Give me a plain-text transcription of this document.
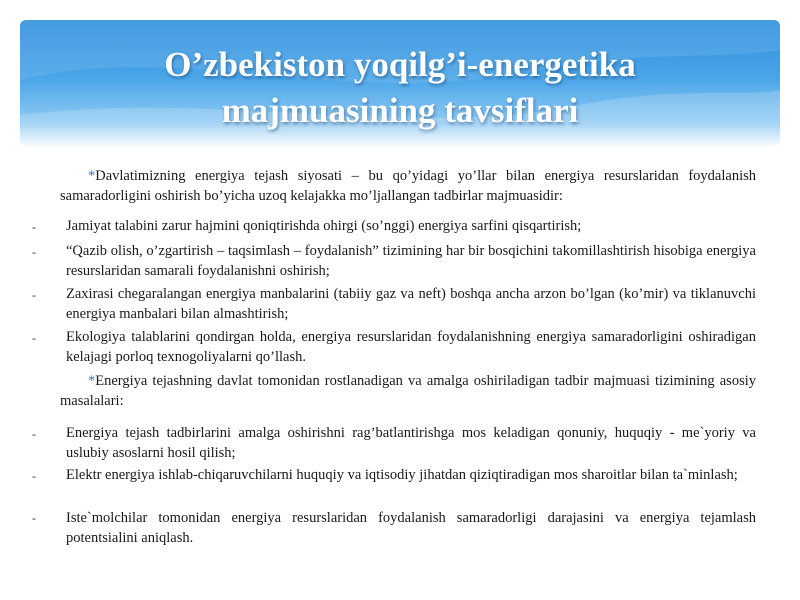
O’zbekiston yoqilg’i-energetika
majmuasining tavsiflari
*Davlatimizning energiya tejash siyosati – bu qo’yidagi yo’llar bilan energiya resurslaridan foydalanish samaradorligini oshirish bo’yicha uzoq kelajakka mo’ljallangan tadbirlar majmuasidir:
- Jamiyat talabini zarur hajmini qoniqtirishda ohirgi (so’nggi) energiya sarfini qisqartirish;
- “Qazib olish, o’zgartirish – taqsimlash – foydalanish” tizimining har bir bosqichini takomillashtirish hisobiga energiya resurslaridan samarali foydalanishni oshirish;
- Zaxirasi chegaralangan energiya manbalarini (tabiiy gaz va neft) boshqa ancha arzon bo’lgan (ko’mir) va tiklanuvchi energiya manbalari bilan almashtirish;
- Ekologiya talablarini qondirgan holda, energiya resurslaridan foydalanishning energiya samaradorligini oshiradigan kelajagi porloq texnogoliyalarni qo’llash.
*Energiya tejashning davlat tomonidan rostlanadigan va amalga oshiriladigan tadbir majmuasi tizimining asosiy masalalari:
- Energiya tejash tadbirlarini amalga oshirishni rag’batlantirishga mos keladigan qonuniy, huquqiy - me`yoriy va uslubiy asoslarni hosil qilish;
- Elektr energiya ishlab-chiqaruvchilarni huquqiy va iqtisodiy jihatdan qiziqtiradigan mos sharoitlar bilan ta`minlash;
- Iste`molchilar tomonidan energiya resurslaridan foydalanish samaradorligi darajasini va energiya tejamlash potentsialini aniqlash.
